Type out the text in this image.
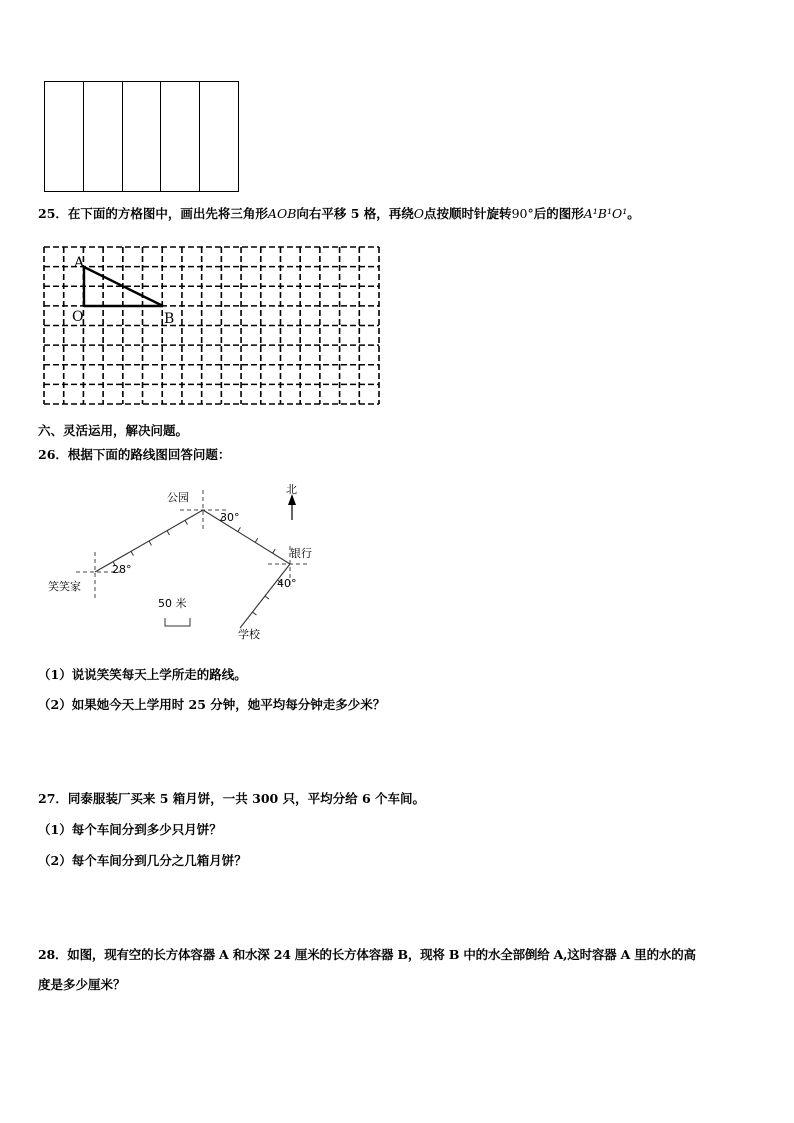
25．在下面的方格图中，画出先将三角形AOB向右平移 5 格，再绕O点按顺时针旋转90°后的图形A¹B¹O¹。
A
O	B
六、灵活运用，解决问题。
26．根据下面的路线图回答问题：
北
公园
银行
笑笑家
学校
28°
30°
40°
50 米
（1）说说笑笑每天上学所走的路线。
（2）如果她今天上学用时 25 分钟，她平均每分钟走多少米？
27．同泰服装厂买来 5 箱月饼，一共 300 只，平均分给 6 个车间。
（1）每个车间分到多少只月饼？
（2）每个车间分到几分之几箱月饼？
28．如图，现有空的长方体容器 A 和水深 24 厘米的长方体容器 B，现将 B 中的水全部倒给 A,这时容器 A 里的水的高
度是多少厘米？
